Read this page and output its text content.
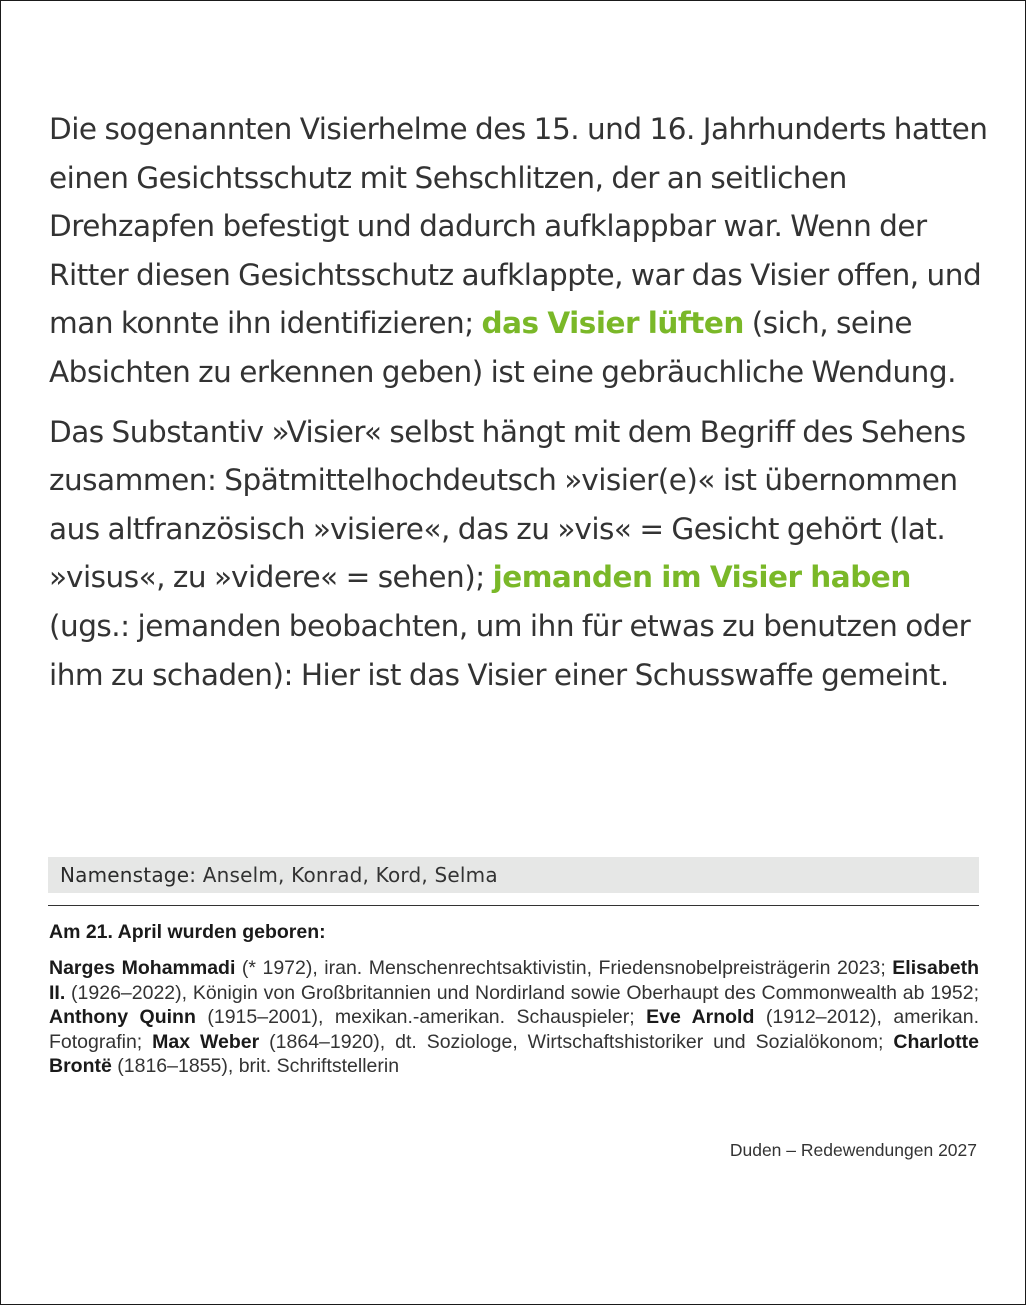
Die sogenannten Visierhelme des 15. und 16. Jahrhunderts hatten einen Gesichtsschutz mit Sehschlitzen, der an seitlichen Drehzapfen befestigt und dadurch aufklappbar war. Wenn der Ritter diesen Gesichtsschutz aufklappte, war das Visier offen, und man konnte ihn identifizieren; das Visier lüften (sich, seine Absichten zu erkennen geben) ist eine gebräuchliche Wendung.

Das Substantiv »Visier« selbst hängt mit dem Begriff des Sehens zusammen: Spätmittelhochdeutsch »visier(e)« ist übernommen aus altfranzösisch »visiere«, das zu »vis« = Gesicht gehört (lat. »visus«, zu »videre« = sehen); jemanden im Visier haben (ugs.: jemanden beobachten, um ihn für etwas zu benutzen oder ihm zu schaden): Hier ist das Visier einer Schusswaffe gemeint.

Namenstage: Anselm, Konrad, Kord, Selma
Am 21. April wurden geboren:
Narges Mohammadi (* 1972), iran. Menschenrechtsaktivistin, Friedensnobelpreisträgerin 2023; Elisabeth II. (1926–2022), Königin von Großbritannien und Nordirland sowie Oberhaupt des Commonwealth ab 1952; Anthony Quinn (1915–2001), mexikan.-amerikan. Schauspieler; Eve Arnold (1912–2012), amerikan. Fotografin; Max Weber (1864–1920), dt. Soziologe, Wirtschaftshistoriker und Sozialökonom; Charlotte Brontë (1816–1855), brit. Schriftstellerin
Duden – Redewendungen 2027
